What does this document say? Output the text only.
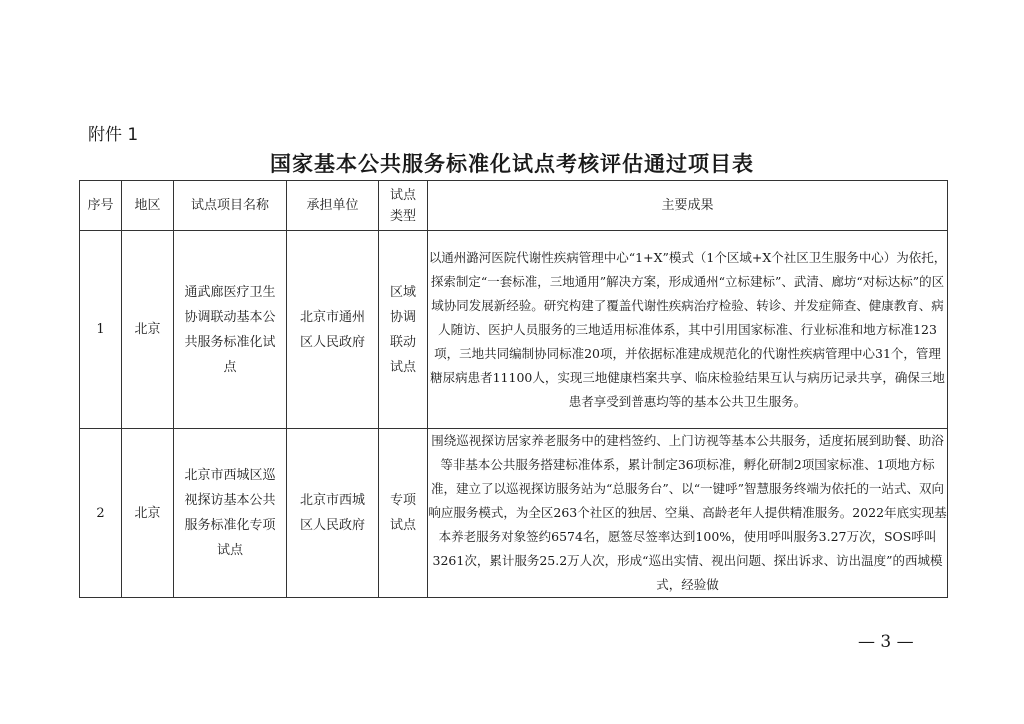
附件 1
国家基本公共服务标准化试点考核评估通过项目表
序号	地区	试点项目名称	承担单位	试点类型	主要成果
1	北京	通武廊医疗卫生协调联动基本公共服务标准化试点	北京市通州区人民政府	区域协调联动试点	以通州潞河医院代谢性疾病管理中心“1+X”模式（1个区域+X个社区卫生服务中心）为依托，探索制定“一套标准，三地通用”解决方案，形成通州“立标建标”、武清、廊坊“对标达标”的区域协同发展新经验。研究构建了覆盖代谢性疾病治疗检验、转诊、并发症筛查、健康教育、病人随访、医护人员服务的三地适用标准体系，其中引用国家标准、行业标准和地方标准123项，三地共同编制协同标准20项，并依据标准建成规范化的代谢性疾病管理中心31个，管理糖尿病患者11100人，实现三地健康档案共享、临床检验结果互认与病历记录共享，确保三地患者享受到普惠均等的基本公共卫生服务。
2	北京	北京市西城区巡视探访基本公共服务标准化专项试点	北京市西城区人民政府	专项试点	围绕巡视探访居家养老服务中的建档签约、上门访视等基本公共服务，适度拓展到助餐、助浴等非基本公共服务搭建标准体系，累计制定36项标准，孵化研制2项国家标准、1项地方标准，建立了以巡视探访服务站为“总服务台”、以“一键呼”智慧服务终端为依托的一站式、双向响应服务模式，为全区263个社区的独居、空巢、高龄老年人提供精准服务。2022年底实现基本养老服务对象签约6574名，愿签尽签率达到100%，使用呼叫服务3.27万次，SOS呼叫3261次，累计服务25.2万人次，形成“巡出实情、视出问题、探出诉求、访出温度”的西城模式，经验做
— 3 —
